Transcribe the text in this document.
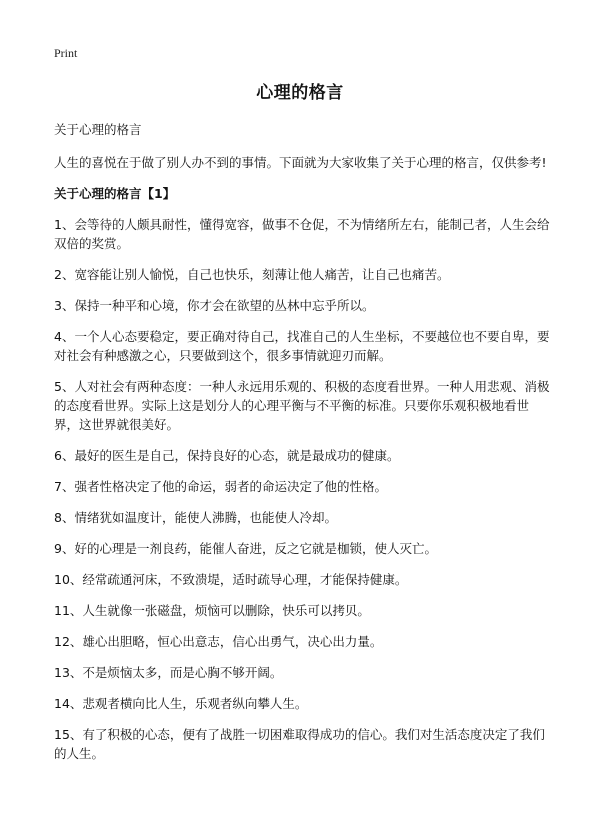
Print
心理的格言
关于心理的格言
人生的喜悦在于做了别人办不到的事情。下面就为大家收集了关于心理的格言，仅供参考!
关于心理的格言【1】
1、会等待的人颇具耐性，懂得宽容，做事不仓促，不为情绪所左右，能制己者，人生会给双倍的奖赏。
2、宽容能让别人愉悦，自己也快乐，刻薄让他人痛苦，让自己也痛苦。
3、保持一种平和心境，你才会在欲望的丛林中忘乎所以。
4、一个人心态要稳定，要正确对待自己，找准自己的人生坐标，不要越位也不要自卑，要对社会有种感激之心，只要做到这个，很多事情就迎刃而解。
5、人对社会有两种态度：一种人永远用乐观的、积极的态度看世界。一种人用悲观、消极的态度看世界。实际上这是划分人的心理平衡与不平衡的标准。只要你乐观积极地看世界，这世界就很美好。
6、最好的医生是自己，保持良好的心态，就是最成功的健康。
7、强者性格决定了他的命运，弱者的命运决定了他的性格。
8、情绪犹如温度计，能使人沸腾，也能使人冷却。
9、好的心理是一剂良药，能催人奋进，反之它就是枷锁，使人灭亡。
10、经常疏通河床，不致溃堤，适时疏导心理，才能保持健康。
11、人生就像一张磁盘，烦恼可以删除，快乐可以拷贝。
12、雄心出胆略，恒心出意志，信心出勇气，决心出力量。
13、不是烦恼太多，而是心胸不够开阔。
14、悲观者横向比人生，乐观者纵向攀人生。
15、有了积极的心态，便有了战胜一切困难取得成功的信心。我们对生活态度决定了我们的人生。
